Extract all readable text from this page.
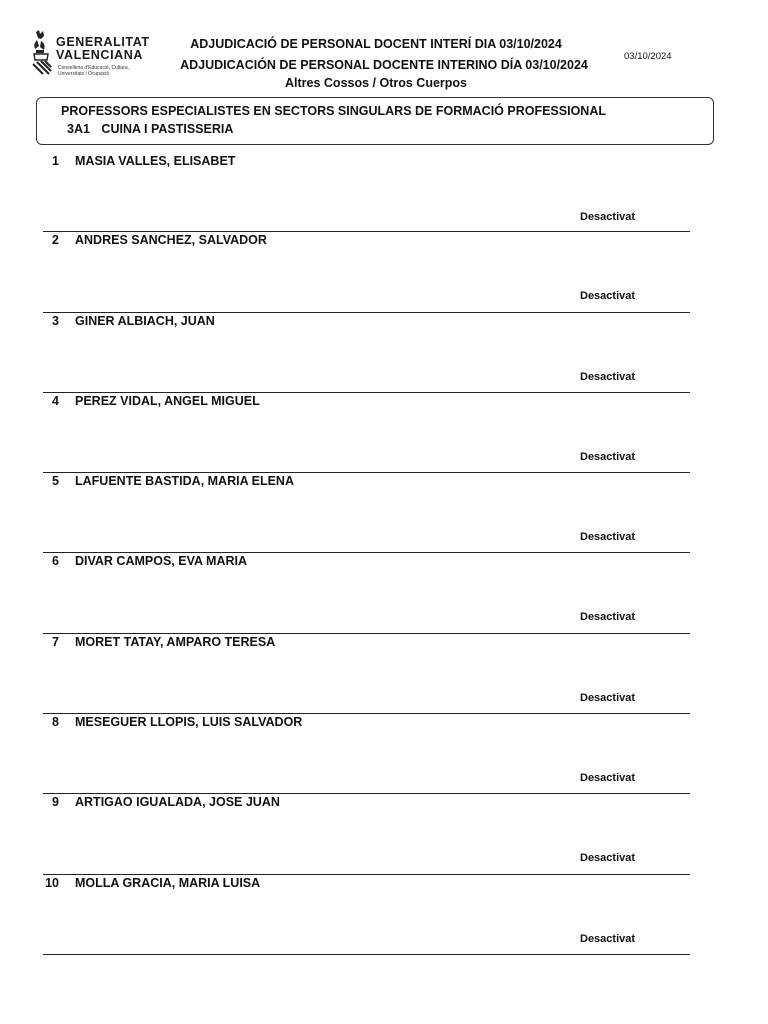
GENERALITAT
VALENCIANA
Conselleria d'Educació, Cultura,
Universitats i Ocupació
ADJUDICACIÓ DE PERSONAL DOCENT INTERÍ DIA 03/10/2024
ADJUDICACIÓN DE PERSONAL DOCENTE INTERINO DÍA 03/10/2024
Altres Cossos / Otros Cuerpos
03/10/2024
PROFESSORS ESPECIALISTES EN SECTORS SINGULARS DE FORMACIÓ PROFESSIONAL
3A1 CUINA I PASTISSERIA
1 MASIA VALLES, ELISABET
Desactivat
2 ANDRES SANCHEZ, SALVADOR
Desactivat
3 GINER ALBIACH, JUAN
Desactivat
4 PEREZ VIDAL, ANGEL MIGUEL
Desactivat
5 LAFUENTE BASTIDA, MARIA ELENA
Desactivat
6 DIVAR CAMPOS, EVA MARIA
Desactivat
7 MORET TATAY, AMPARO TERESA
Desactivat
8 MESEGUER LLOPIS, LUIS SALVADOR
Desactivat
9 ARTIGAO IGUALADA, JOSE JUAN
Desactivat
10 MOLLA GRACIA, MARIA LUISA
Desactivat
